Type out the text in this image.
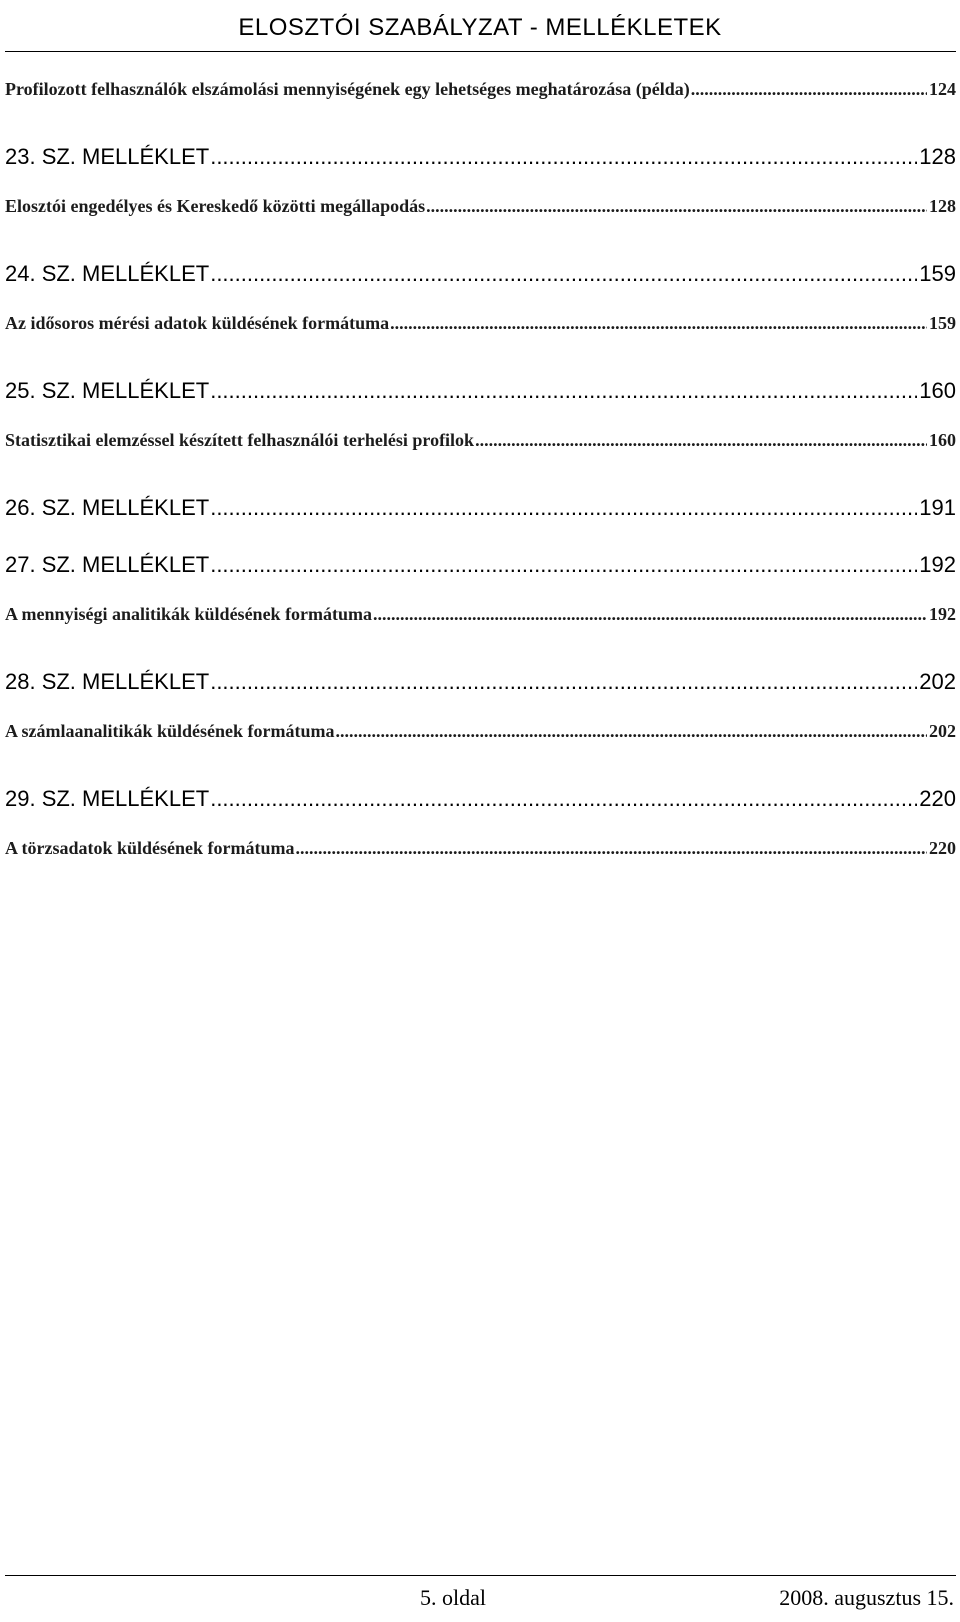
ELOSZTÓI SZABÁLYZAT - MELLÉKLETEK
Profilozott felhasználók elszámolási mennyiségének egy lehetséges meghatározása (példa) .....	124
23. SZ. MELLÉKLET .....	128
Elosztói engedélyes és Kereskedő közötti megállapodás .....	128
24. SZ. MELLÉKLET .....	159
Az idősoros mérési adatok küldésének formátuma .....	159
25. SZ. MELLÉKLET .....	160
Statisztikai elemzéssel készített felhasználói terhelési profilok .....	160
26. SZ. MELLÉKLET .....	191
27. SZ. MELLÉKLET .....	192
A mennyiségi analitikák küldésének formátuma .....	192
28. SZ. MELLÉKLET .....	202
A számlaanalitikák küldésének formátuma .....	202
29. SZ. MELLÉKLET .....	220
A törzsadatok küldésének formátuma .....	220
5. oldal	2008. augusztus 15.
